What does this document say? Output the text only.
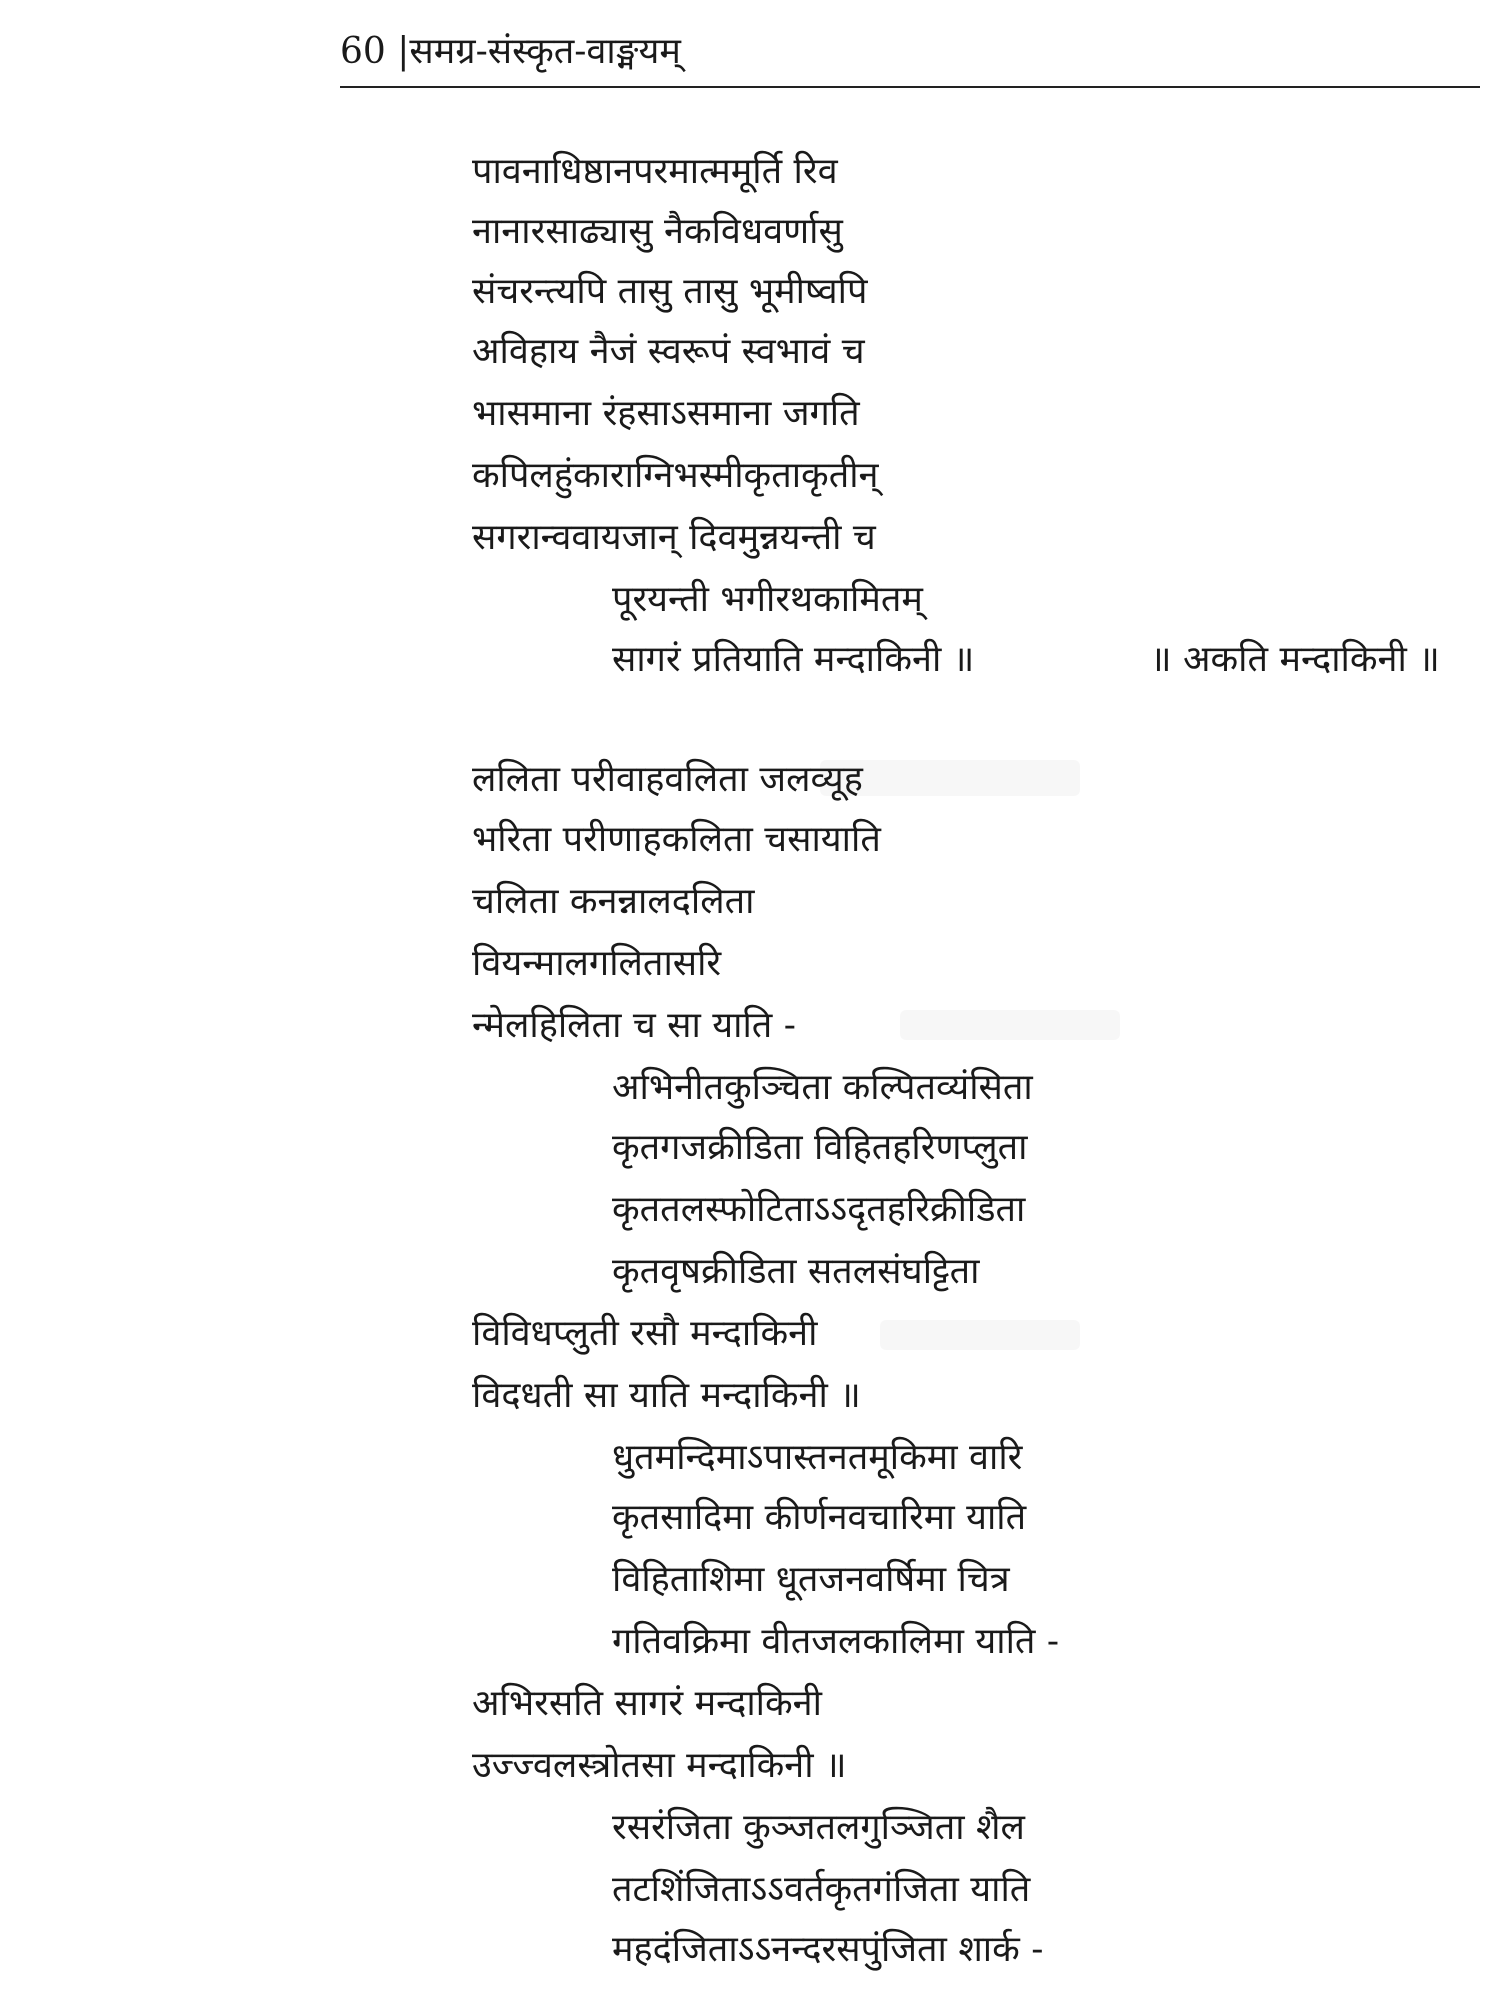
60 |समग्र-संस्कृत-वाङ्मयम्
पावनाधिष्ठानपरमात्ममूर्ति रिव
नानारसाढ्यासु नैकविधवर्णासु
संचरन्त्यपि तासु तासु भूमीष्वपि
अविहाय नैजं स्वरूपं स्वभावं च
भासमाना रंहसाऽसमाना जगति
कपिलहुंकाराग्निभस्मीकृताकृतीन्
सगरान्ववायजान् दिवमुन्नयन्ती च
पूरयन्ती भगीरथकामितम्
सागरं प्रतियाति मन्दाकिनी ॥
ललिता परीवाहवलिता जलव्यूह
भरिता परीणाहकलिता चसायाति
चलिता कनन्नालदलिता
वियन्मालगलितासरि
न्मेलहिलिता च सा याति -
अभिनीतकुञ्चिता कल्पितव्यंसिता
कृतगजक्रीडिता विहितहरिणप्लुता
कृततलस्फोटिताऽऽदृतहरिक्रीडिता
कृतवृषक्रीडिता सतलसंघट्टिता
विविधप्लुती रसौ मन्दाकिनी
विदधती सा याति मन्दाकिनी ॥
धुतमन्दिमाऽपास्तनतमूकिमा वारि
कृतसादिमा कीर्णनवचारिमा याति
विहिताशिमा धूतजनवर्षिमा चित्र
गतिवक्रिमा वीतजलकालिमा याति -
अभिरसति सागरं मन्दाकिनी
उज्ज्वलस्त्रोतसा मन्दाकिनी ॥
रसरंजिता कुञ्जतलगुञ्जिता शैल
तटशिंजिताऽऽवर्तकृतगंजिता याति
महदंजिताऽऽनन्दरसपुंजिता शार्क -
॥ अकति मन्दाकिनी ॥
